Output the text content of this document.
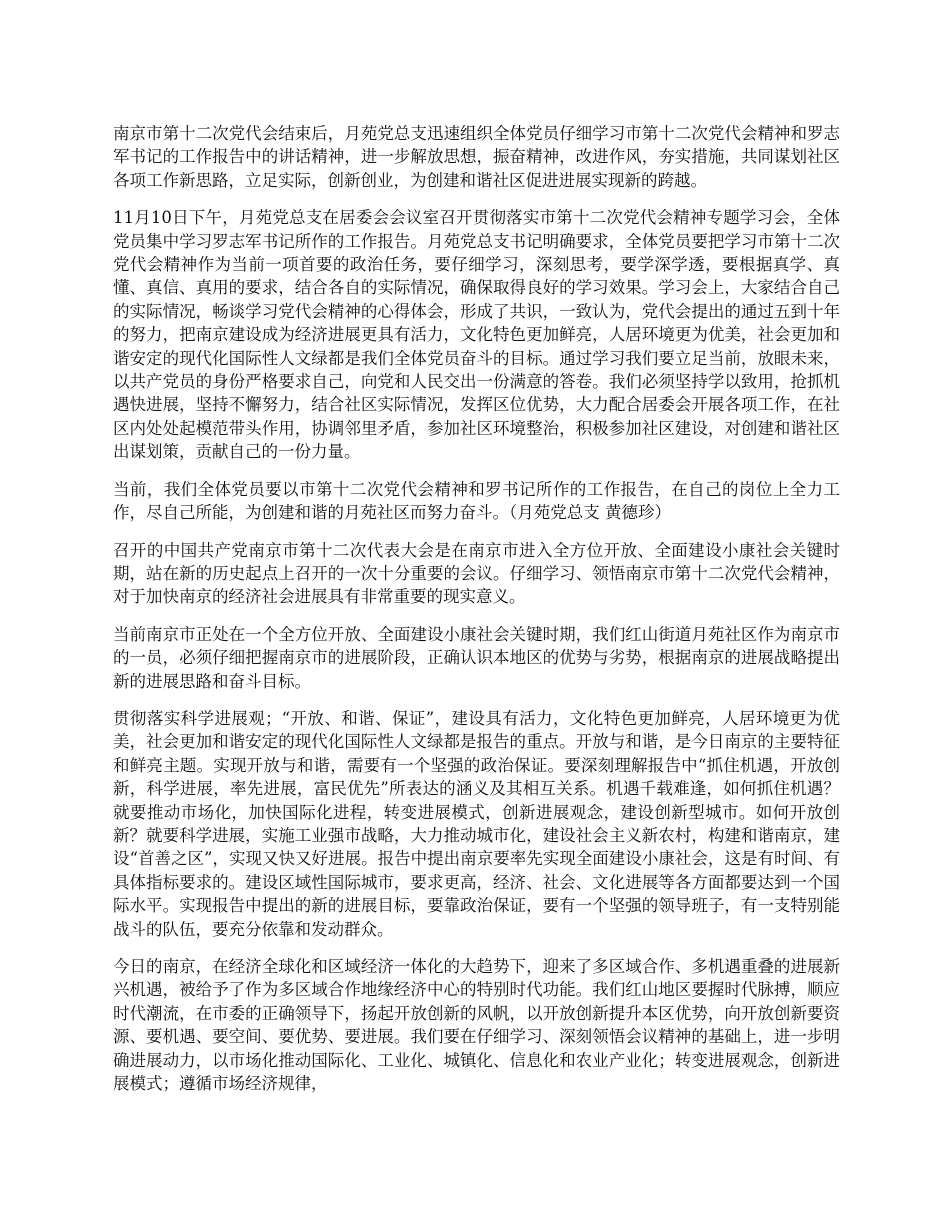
南京市第十二次党代会结束后，月苑党总支迅速组织全体党员仔细学习市第十二次党代会精神和罗志军书记的工作报告中的讲话精神，进一步解放思想，振奋精神，改进作风，夯实措施，共同谋划社区各项工作新思路，立足实际，创新创业，为创建和谐社区促进进展实现新的跨越。

11月10日下午，月苑党总支在居委会会议室召开贯彻落实市第十二次党代会精神专题学习会，全体党员集中学习罗志军书记所作的工作报告。月苑党总支书记明确要求，全体党员要把学习市第十二次党代会精神作为当前一项首要的政治任务，要仔细学习，深刻思考，要学深学透，要根据真学、真懂、真信、真用的要求，结合各自的实际情况，确保取得良好的学习效果。学习会上，大家结合自己的实际情况，畅谈学习党代会精神的心得体会，形成了共识，一致认为，党代会提出的通过五到十年的努力，把南京建设成为经济进展更具有活力，文化特色更加鲜亮，人居环境更为优美，社会更加和谐安定的现代化国际性人文绿都是我们全体党员奋斗的目标。通过学习我们要立足当前，放眼未来，以共产党员的身份严格要求自己，向党和人民交出一份满意的答卷。我们必须坚持学以致用，抢抓机遇快进展，坚持不懈努力，结合社区实际情况，发挥区位优势，大力配合居委会开展各项工作，在社区内处处起模范带头作用，协调邻里矛盾，参加社区环境整治，积极参加社区建设，对创建和谐社区出谋划策，贡献自己的一份力量。

当前，我们全体党员要以市第十二次党代会精神和罗书记所作的工作报告，在自己的岗位上全力工作，尽自己所能，为创建和谐的月苑社区而努力奋斗。（月苑党总支 黄德珍）

召开的中国共产党南京市第十二次代表大会是在南京市进入全方位开放、全面建设小康社会关键时期，站在新的历史起点上召开的一次十分重要的会议。仔细学习、领悟南京市第十二次党代会精神，对于加快南京的经济社会进展具有非常重要的现实意义。

当前南京市正处在一个全方位开放、全面建设小康社会关键时期，我们红山街道月苑社区作为南京市的一员，必须仔细把握南京市的进展阶段，正确认识本地区的优势与劣势，根据南京的进展战略提出新的进展思路和奋斗目标。

贯彻落实科学进展观；“开放、和谐、保证”，建设具有活力，文化特色更加鲜亮，人居环境更为优美，社会更加和谐安定的现代化国际性人文绿都是报告的重点。开放与和谐，是今日南京的主要特征和鲜亮主题。实现开放与和谐，需要有一个坚强的政治保证。要深刻理解报告中“抓住机遇，开放创新，科学进展，率先进展，富民优先”所表达的涵义及其相互关系。机遇千载难逢，如何抓住机遇？就要推动市场化，加快国际化进程，转变进展模式，创新进展观念，建设创新型城市。如何开放创新？就要科学进展，实施工业强市战略，大力推动城市化，建设社会主义新农村，构建和谐南京，建设“首善之区”，实现又快又好进展。报告中提出南京要率先实现全面建设小康社会，这是有时间、有具体指标要求的。建设区域性国际城市，要求更高，经济、社会、文化进展等各方面都要达到一个国际水平。实现报告中提出的新的进展目标，要靠政治保证，要有一个坚强的领导班子，有一支特别能战斗的队伍，要充分依靠和发动群众。

今日的南京，在经济全球化和区域经济一体化的大趋势下，迎来了多区域合作、多机遇重叠的进展新兴机遇，被给予了作为多区域合作地缘经济中心的特别时代功能。我们红山地区要握时代脉搏，顺应时代潮流，在市委的正确领导下，扬起开放创新的风帆，以开放创新提升本区优势，向开放创新要资源、要机遇、要空间、要优势、要进展。我们要在仔细学习、深刻领悟会议精神的基础上，进一步明确进展动力，以市场化推动国际化、工业化、城镇化、信息化和农业产业化；转变进展观念，创新进展模式；遵循市场经济规律，
